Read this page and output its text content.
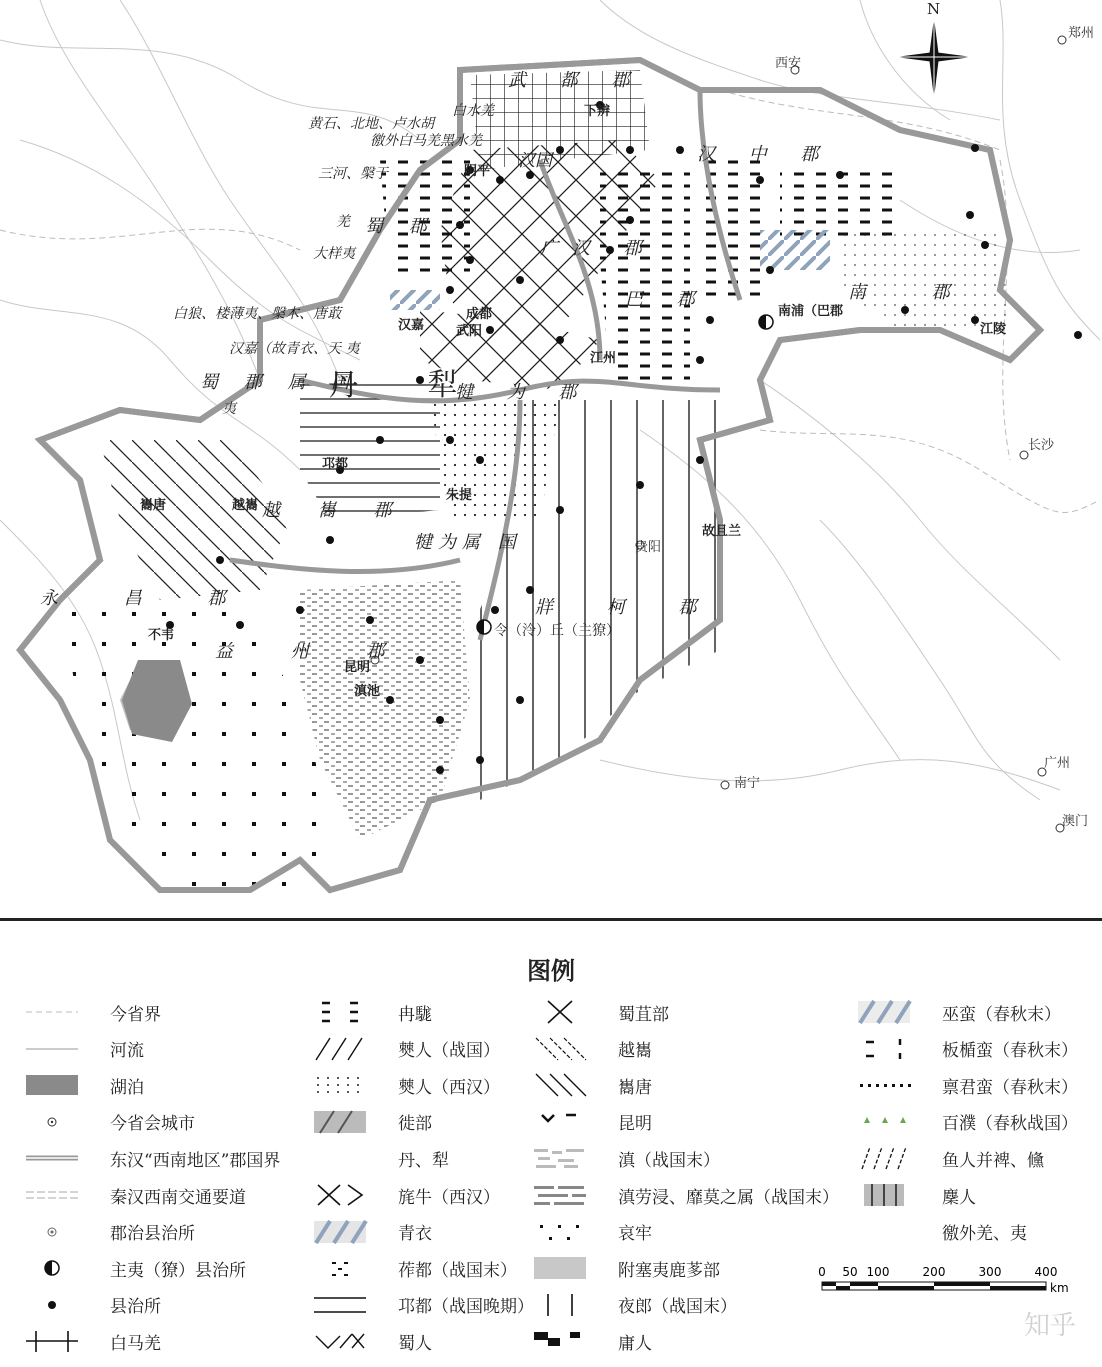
N
武 都 郡
汉 中 郡
汉国
蜀 郡
广汉 郡
巴 郡	南 郡
蜀 郡 属 国
丹 犁
犍 为 郡
越 巂 郡
犍为属 国
永 昌 郡	牂 柯 郡
益 州 郡
白水羌
黄石、北地、卢水胡
徼外白马羌黑水羌
三河、槃于
羌
大样夷
白狼、楼薄夷、槃木、唐菆
汉嘉（故青衣、天 夷
夷
西安
郑州
长沙
贵阳
昆明
南宁
广州
澳门
成都
武阳
汉嘉
江州
江陵
南浦（巴郡
邛都
越巂
巂唐
朱提
滇池
故且兰
不韦
阴平
下辨
令（泠）丘（主獠）
图例
今省界
河流
湖泊
今省会城市
东汉“西南地区”郡国界
秦汉西南交通要道
郡治县治所
主夷（獠）县治所
县治所
白马羌
冉駹
僰人（战国）
僰人（西汉）
徙部
丹、犁
旄牛（西汉）
青衣
莋都（战国末）
邛都（战国晚期）
蜀人
蜀苴部
越巂
巂唐
昆明
滇（战国末）
滇劳浸、靡莫之属（战国末）
哀牢
附塞夷鹿茤部
夜郎（战国末）
庸人
巫蛮（春秋末）
板楯蛮（春秋末）
禀君蛮（春秋末）
百濮（春秋战国）
鱼人并裨、儵
麇人
徼外羌、夷
0 50 100	200	300	400
km
知乎
